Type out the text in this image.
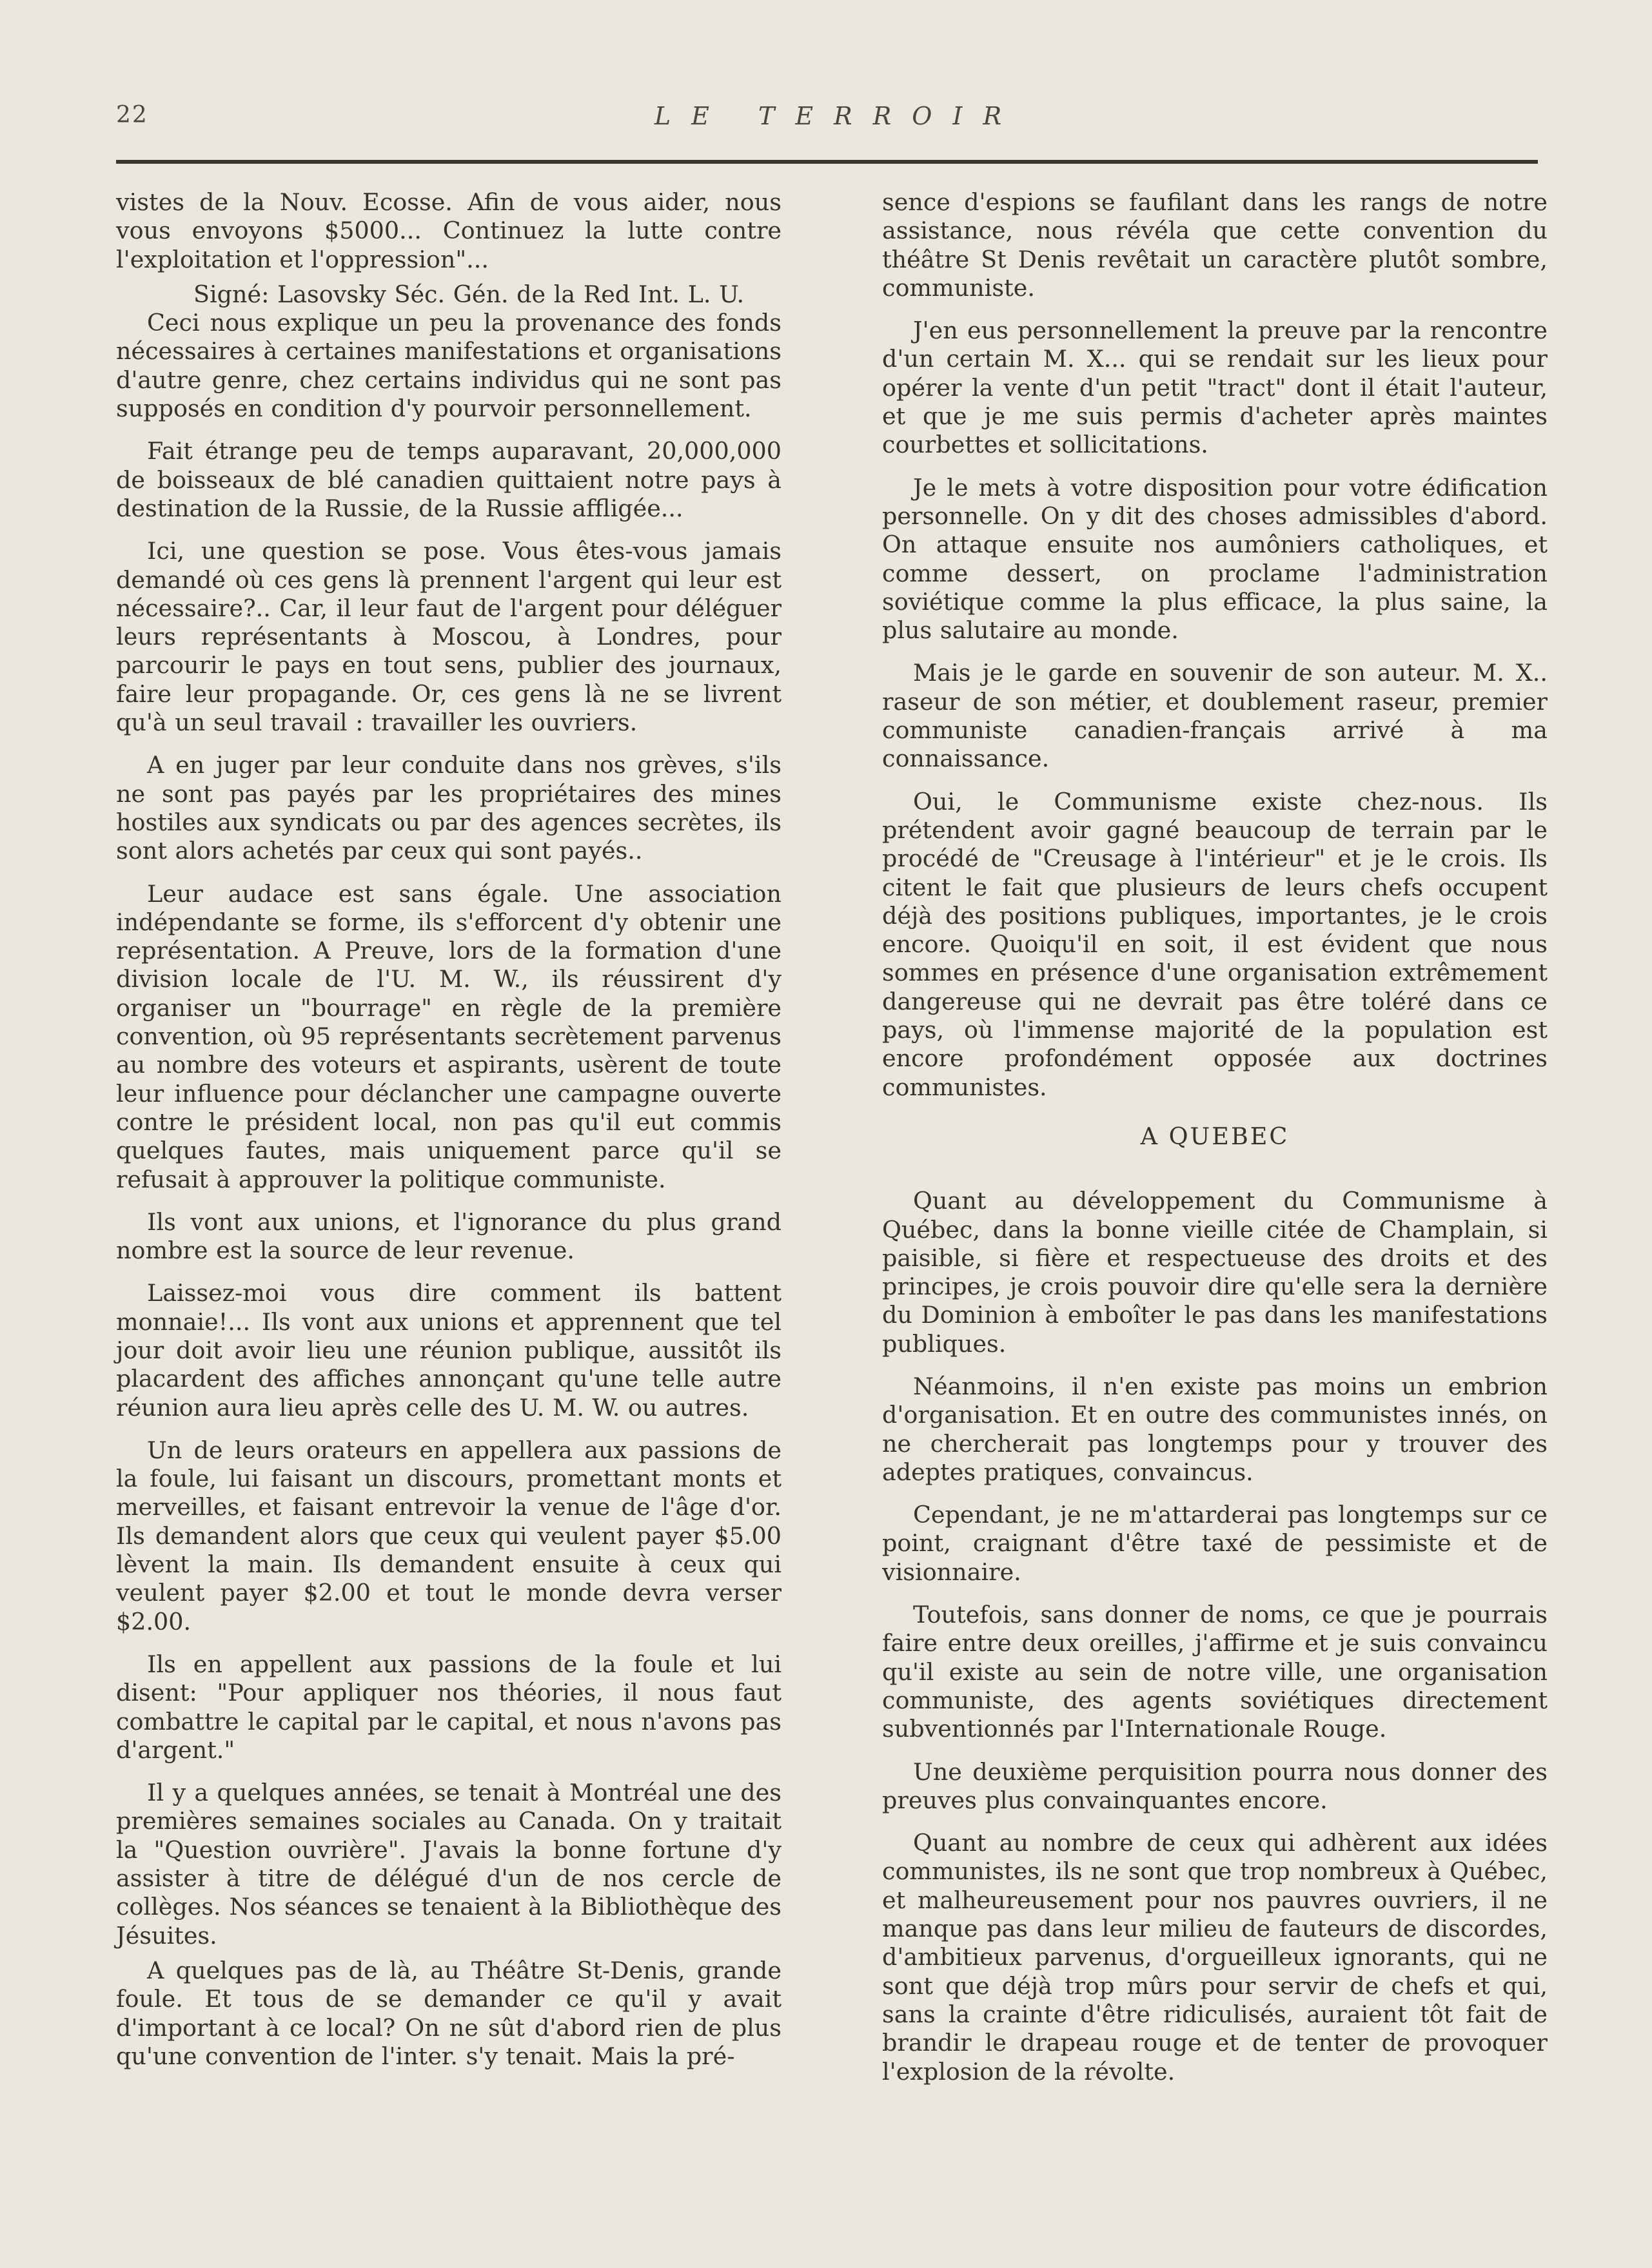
22	LE TERROIR

vistes de la Nouv. Ecosse. Afin de vous aider, nous vous envoyons $5000... Continuez la lutte contre l'exploitation et l'oppression"...

Signé: Lasovsky Séc. Gén. de la Red Int. L. U.

Ceci nous explique un peu la provenance des fonds nécessaires à certaines manifestations et organisations d'autre genre, chez certains individus qui ne sont pas supposés en condition d'y pourvoir personnellement.

Fait étrange peu de temps auparavant, 20,000,000 de boisseaux de blé canadien quittaient notre pays à destination de la Russie, de la Russie affligée...

Ici, une question se pose. Vous êtes-vous jamais demandé où ces gens là prennent l'argent qui leur est nécessaire?.. Car, il leur faut de l'argent pour déléguer leurs représentants à Moscou, à Londres, pour parcourir le pays en tout sens, publier des journaux, faire leur propagande. Or, ces gens là ne se livrent qu'à un seul travail : travailler les ouvriers.

A en juger par leur conduite dans nos grèves, s'ils ne sont pas payés par les propriétaires des mines hostiles aux syndicats ou par des agences secrètes, ils sont alors achetés par ceux qui sont payés..

Leur audace est sans égale. Une association indépendante se forme, ils s'efforcent d'y obtenir une représentation. A Preuve, lors de la formation d'une division locale de l'U. M. W., ils réussirent d'y organiser un "bourrage" en règle de la première convention, où 95 représentants secrètement parvenus au nombre des voteurs et aspirants, usèrent de toute leur influence pour déclancher une campagne ouverte contre le président local, non pas qu'il eut commis quelques fautes, mais uniquement parce qu'il se refusait à approuver la politique communiste.

Ils vont aux unions, et l'ignorance du plus grand nombre est la source de leur revenue.

Laissez-moi vous dire comment ils battent monnaie!... Ils vont aux unions et apprennent que tel jour doit avoir lieu une réunion publique, aussitôt ils placardent des affiches annonçant qu'une telle autre réunion aura lieu après celle des U. M. W. ou autres.

Un de leurs orateurs en appellera aux passions de la foule, lui faisant un discours, promettant monts et merveilles, et faisant entrevoir la venue de l'âge d'or. Ils demandent alors que ceux qui veulent payer $5.00 lèvent la main. Ils demandent ensuite à ceux qui veulent payer $2.00 et tout le monde devra verser $2.00.

Ils en appellent aux passions de la foule et lui disent: "Pour appliquer nos théories, il nous faut combattre le capital par le capital, et nous n'avons pas d'argent."

Il y a quelques années, se tenait à Montréal une des premières semaines sociales au Canada. On y traitait la "Question ouvrière". J'avais la bonne fortune d'y assister à titre de délégué d'un de nos cercle de collèges. Nos séances se tenaient à la Bibliothèque des Jésuites.

A quelques pas de là, au Théâtre St-Denis, grande foule. Et tous de se demander ce qu'il y avait d'important à ce local? On ne sût d'abord rien de plus qu'une convention de l'inter. s'y tenait. Mais la pré-

sence d'espions se faufilant dans les rangs de notre assistance, nous révéla que cette convention du théâtre St Denis revêtait un caractère plutôt sombre, communiste.

J'en eus personnellement la preuve par la rencontre d'un certain M. X... qui se rendait sur les lieux pour opérer la vente d'un petit "tract" dont il était l'auteur, et que je me suis permis d'acheter après maintes courbettes et sollicitations.

Je le mets à votre disposition pour votre édification personnelle. On y dit des choses admissibles d'abord. On attaque ensuite nos aumôniers catholiques, et comme dessert, on proclame l'administration soviétique comme la plus efficace, la plus saine, la plus salutaire au monde.

Mais je le garde en souvenir de son auteur. M. X.. raseur de son métier, et doublement raseur, premier communiste canadien-français arrivé à ma connaissance.

Oui, le Communisme existe chez-nous. Ils prétendent avoir gagné beaucoup de terrain par le procédé de "Creusage à l'intérieur" et je le crois. Ils citent le fait que plusieurs de leurs chefs occupent déjà des positions publiques, importantes, je le crois encore. Quoiqu'il en soit, il est évident que nous sommes en présence d'une organisation extrêmement dangereuse qui ne devrait pas être toléré dans ce pays, où l'immense majorité de la population est encore profondément opposée aux doctrines communistes.

A QUEBEC

Quant au développement du Communisme à Québec, dans la bonne vieille citée de Champlain, si paisible, si fière et respectueuse des droits et des principes, je crois pouvoir dire qu'elle sera la dernière du Dominion à emboîter le pas dans les manifestations publiques.

Néanmoins, il n'en existe pas moins un embrion d'organisation. Et en outre des communistes innés, on ne chercherait pas longtemps pour y trouver des adeptes pratiques, convaincus.

Cependant, je ne m'attarderai pas longtemps sur ce point, craignant d'être taxé de pessimiste et de visionnaire.

Toutefois, sans donner de noms, ce que je pourrais faire entre deux oreilles, j'affirme et je suis convaincu qu'il existe au sein de notre ville, une organisation communiste, des agents soviétiques directement subventionnés par l'Internationale Rouge.

Une deuxième perquisition pourra nous donner des preuves plus convainquantes encore.

Quant au nombre de ceux qui adhèrent aux idées communistes, ils ne sont que trop nombreux à Québec, et malheureusement pour nos pauvres ouvriers, il ne manque pas dans leur milieu de fauteurs de discordes, d'ambitieux parvenus, d'orgueilleux ignorants, qui ne sont que déjà trop mûrs pour servir de chefs et qui, sans la crainte d'être ridiculisés, auraient tôt fait de brandir le drapeau rouge et de tenter de provoquer l'explosion de la révolte.
